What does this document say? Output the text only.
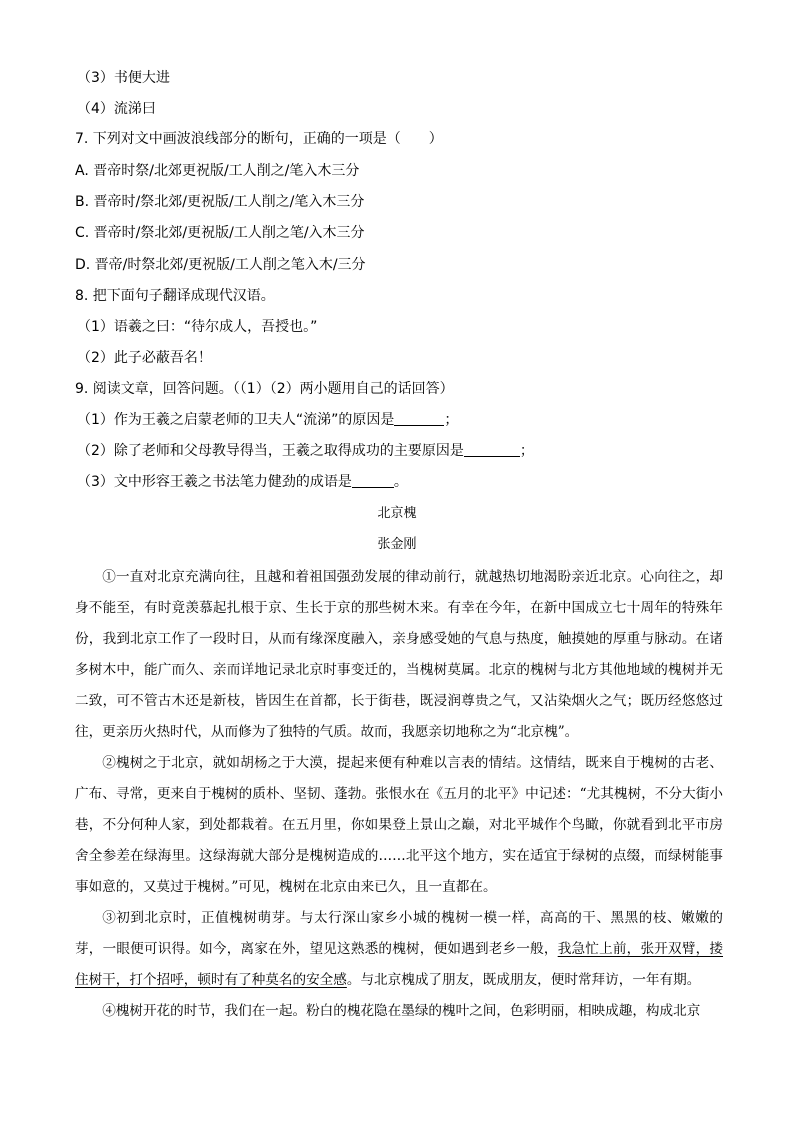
（3）书便大进
（4）流涕曰
7. 下列对文中画波浪线部分的断句，正确的一项是（　　）
A. 晋帝时祭/北郊更祝版/工人削之/笔入木三分
B. 晋帝时/祭北郊/更祝版/工人削之/笔入木三分
C. 晋帝时/祭北郊/更祝版/工人削之笔/入木三分
D. 晋帝/时祭北郊/更祝版/工人削之笔入木/三分
8. 把下面句子翻译成现代汉语。
（1）语羲之曰：“待尔成人，吾授也。”
（2）此子必蔽吾名！
9. 阅读文章，回答问题。（（1）（2）两小题用自己的话回答）
（1）作为王羲之启蒙老师的卫夫人“流涕”的原因是	；
（2）除了老师和父母教导得当，王羲之取得成功的主要原因是	；
（3）文中形容王羲之书法笔力健劲的成语是	。
北京槐
张金刚

①一直对北京充满向往，且越和着祖国强劲发展的律动前行，就越热切地渴盼亲近北京。心向往之，却身不能至，有时竟羡慕起扎根于京、生长于京的那些树木来。有幸在今年，在新中国成立七十周年的特殊年份，我到北京工作了一段时日，从而有缘深度融入，亲身感受她的气息与热度，触摸她的厚重与脉动。在诸多树木中，能广而久、亲而详地记录北京时事变迁的，当槐树莫属。北京的槐树与北方其他地域的槐树并无二致，可不管古木还是新枝，皆因生在首都，长于街巷，既浸润尊贵之气，又沾染烟火之气；既历经悠悠过往，更亲历火热时代，从而修为了独特的气质。故而，我愿亲切地称之为“北京槐”。

②槐树之于北京，就如胡杨之于大漠，提起来便有种难以言表的情结。这情结，既来自于槐树的古老、广布、寻常，更来自于槐树的质朴、坚韧、蓬勃。张恨水在《五月的北平》中记述：“尤其槐树，不分大街小巷，不分何种人家，到处都栽着。在五月里，你如果登上景山之巅，对北平城作个鸟瞰，你就看到北平市房舍全参差在绿海里。这绿海就大部分是槐树造成的……北平这个地方，实在适宜于绿树的点缀，而绿树能事事如意的，又莫过于槐树。”可见，槐树在北京由来已久，且一直都在。

③初到北京时，正值槐树萌芽。与太行深山家乡小城的槐树一模一样，高高的干、黑黑的枝、嫩嫩的芽，一眼便可识得。如今，离家在外，望见这熟悉的槐树，便如遇到老乡一般，我急忙上前，张开双臂，搂住树干，打个招呼，顿时有了种莫名的安全感。与北京槐成了朋友，既成朋友，便时常拜访，一年有期。

④槐树开花的时节，我们在一起。粉白的槐花隐在墨绿的槐叶之间，色彩明丽，相映成趣，构成北京
